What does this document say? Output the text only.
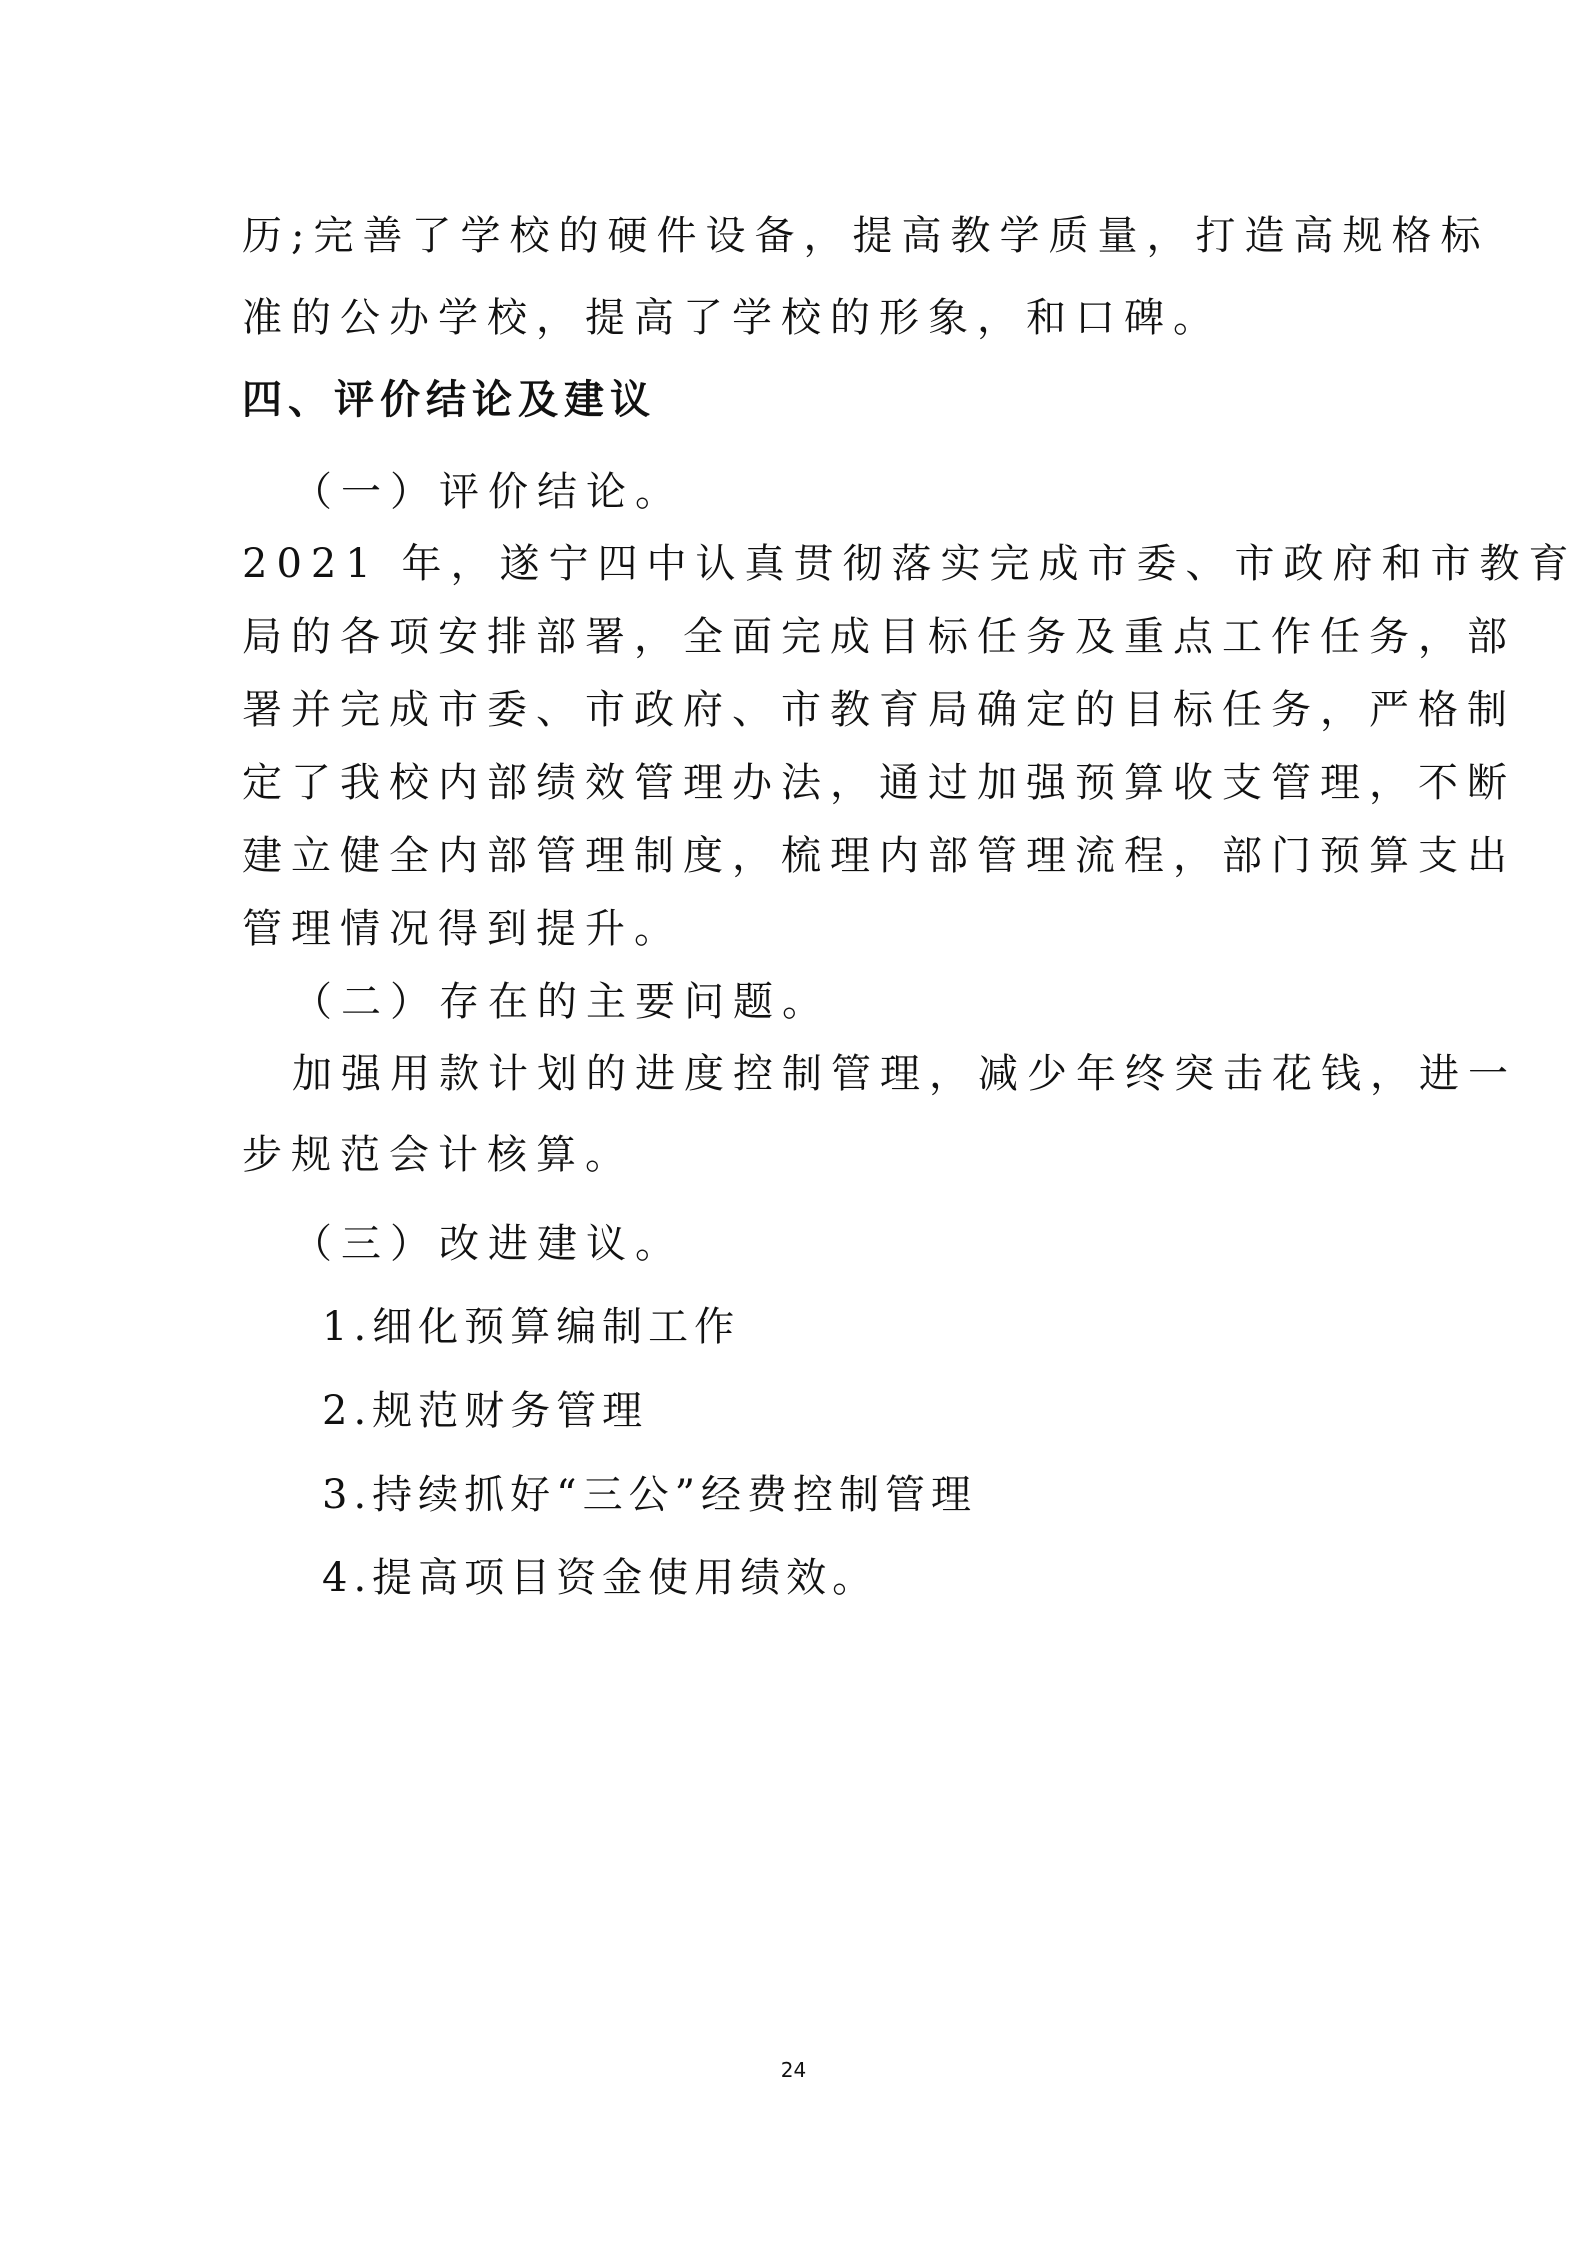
历;完善了学校的硬件设备，提高教学质量，打造高规格标

准的公办学校，提高了学校的形象，和口碑。

四、评价结论及建议

（一）评价结论。

2021 年，遂宁四中认真贯彻落实完成市委、市政府和市教育

局的各项安排部署，全面完成目标任务及重点工作任务，部

署并完成市委、市政府、市教育局确定的目标任务，严格制

定了我校内部绩效管理办法，通过加强预算收支管理，不断

建立健全内部管理制度，梳理内部管理流程，部门预算支出

管理情况得到提升。

（二）存在的主要问题。

加强用款计划的进度控制管理，减少年终突击花钱，进一

步规范会计核算。

（三）改进建议。

1.细化预算编制工作

2.规范财务管理

3.持续抓好“三公”经费控制管理

4.提高项目资金使用绩效。

24
